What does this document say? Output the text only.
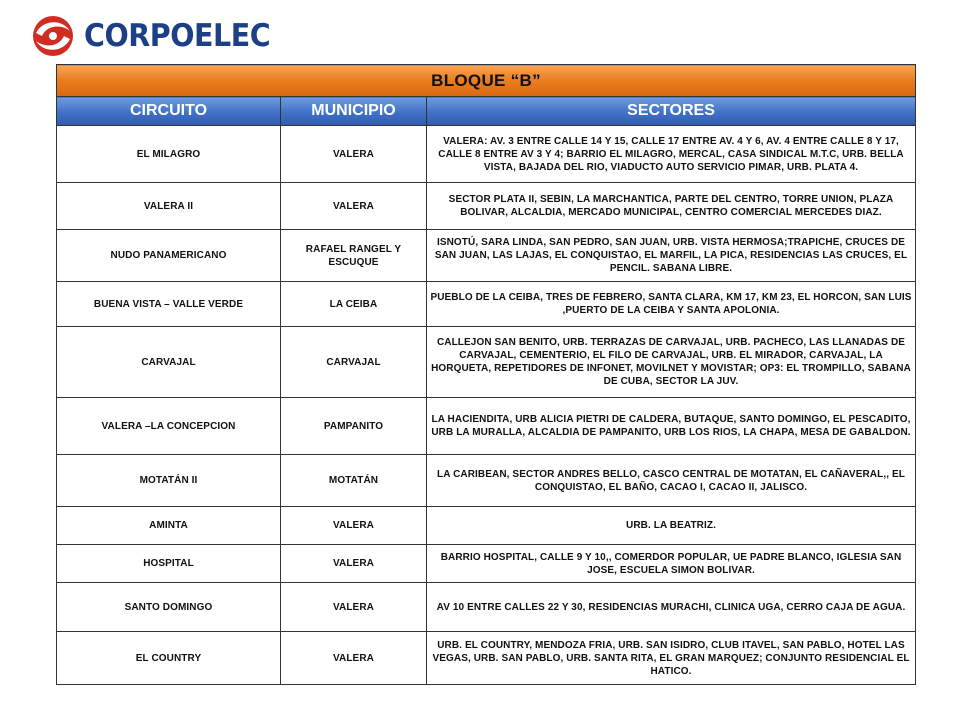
CORPOELEC
BLOQUE “B”		
CIRCUITO	MUNICIPIO	SECTORES
EL MILAGRO	VALERA	VALERA: AV. 3 ENTRE CALLE 14 Y 15, CALLE 17 ENTRE AV. 4 Y 6, AV. 4 ENTRE CALLE 8 Y 17, CALLE 8 ENTRE AV 3 Y 4; BARRIO EL MILAGRO, MERCAL, CASA SINDICAL M.T.C, URB. BELLA VISTA, BAJADA DEL RIO, VIADUCTO AUTO SERVICIO PIMAR, URB. PLATA 4.
VALERA II	VALERA	SECTOR PLATA II, SEBIN, LA MARCHANTICA, PARTE DEL CENTRO, TORRE UNION, PLAZA BOLIVAR, ALCALDIA, MERCADO MUNICIPAL, CENTRO COMERCIAL MERCEDES DIAZ.
NUDO PANAMERICANO	RAFAEL RANGEL Y ESCUQUE	ISNOTÚ, SARA LINDA, SAN PEDRO, SAN JUAN, URB. VISTA HERMOSA;TRAPICHE, CRUCES DE SAN JUAN, LAS LAJAS, EL CONQUISTAO, EL MARFIL, LA PICA, RESIDENCIAS LAS CRUCES, EL PENCIL. SABANA LIBRE.
BUENA VISTA – VALLE VERDE	LA CEIBA	PUEBLO DE LA CEIBA, TRES DE FEBRERO, SANTA CLARA, KM 17, KM 23, EL HORCON, SAN LUIS ,PUERTO DE LA CEIBA Y SANTA APOLONIA.
CARVAJAL	CARVAJAL	CALLEJON SAN BENITO, URB. TERRAZAS DE CARVAJAL, URB. PACHECO, LAS LLANADAS DE CARVAJAL, CEMENTERIO, EL FILO DE CARVAJAL, URB. EL MIRADOR, CARVAJAL, LA HORQUETA, REPETIDORES DE INFONET, MOVILNET Y MOVISTAR; OP3: EL TROMPILLO, SABANA DE CUBA, SECTOR LA JUV.
VALERA –LA CONCEPCION	PAMPANITO	LA HACIENDITA, URB ALICIA PIETRI DE CALDERA, BUTAQUE, SANTO DOMINGO, EL PESCADITO, URB LA MURALLA, ALCALDIA DE PAMPANITO, URB LOS RIOS, LA CHAPA, MESA DE GABALDON.
MOTATÁN II	MOTATÁN	LA CARIBEAN, SECTOR ANDRES BELLO, CASCO CENTRAL DE MOTATAN, EL CAÑAVERAL,, EL CONQUISTAO, EL BAÑO, CACAO I, CACAO II, JALISCO.
AMINTA	VALERA	URB. LA BEATRIZ.
HOSPITAL	VALERA	BARRIO HOSPITAL, CALLE 9 Y 10,, COMERDOR POPULAR, UE PADRE BLANCO, IGLESIA SAN JOSE, ESCUELA SIMON BOLIVAR.
SANTO DOMINGO	VALERA	AV 10 ENTRE CALLES 22 Y 30, RESIDENCIAS MURACHI, CLINICA UGA, CERRO CAJA DE AGUA.
EL COUNTRY	VALERA	URB. EL COUNTRY, MENDOZA FRIA, URB. SAN ISIDRO, CLUB ITAVEL, SAN PABLO, HOTEL LAS VEGAS, URB. SAN PABLO, URB. SANTA RITA, EL GRAN MARQUEZ; CONJUNTO RESIDENCIAL EL HATICO.
